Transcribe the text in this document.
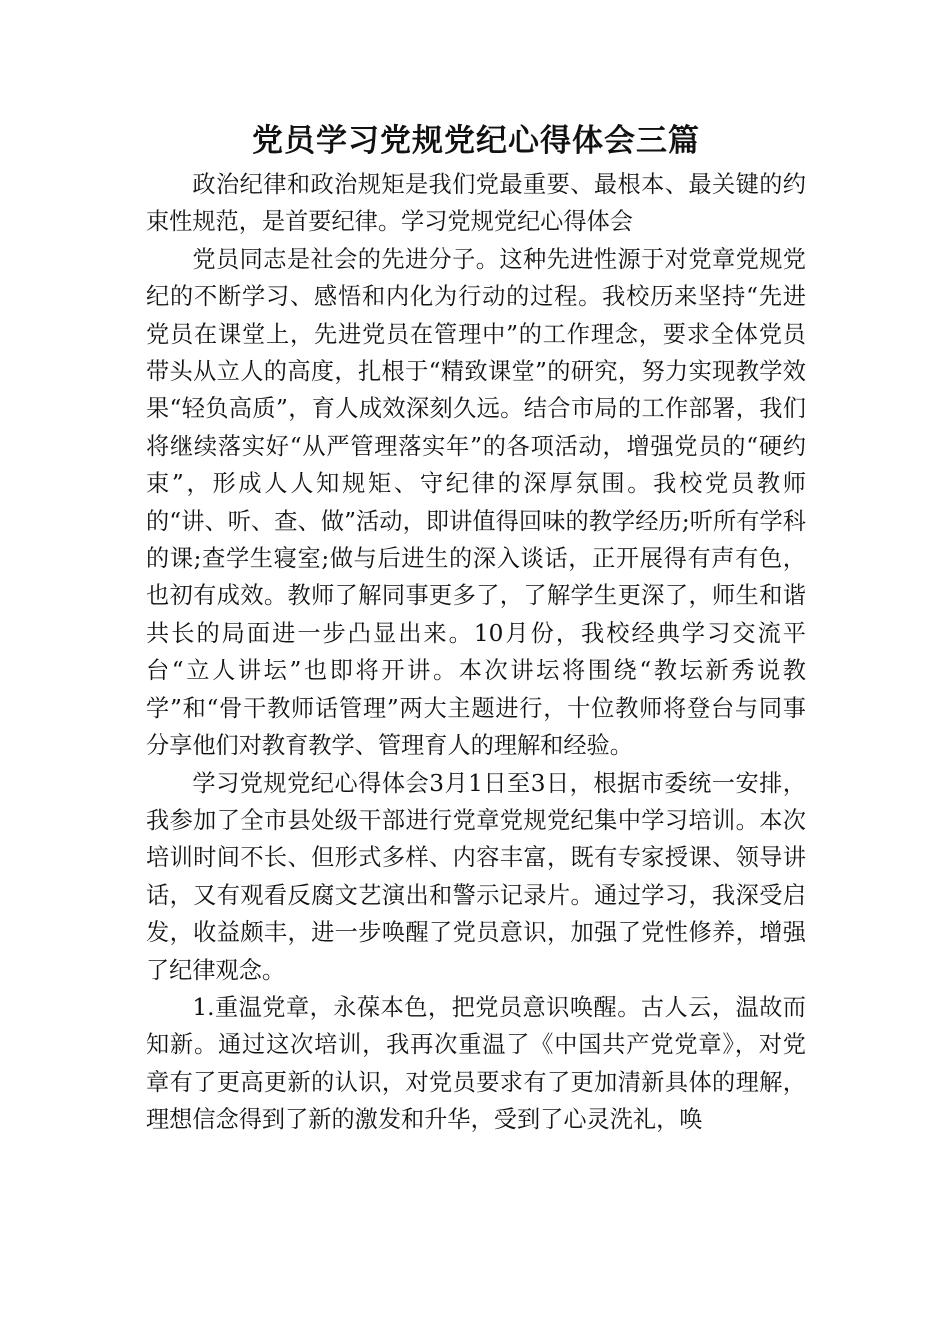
党员学习党规党纪心得体会三篇

政治纪律和政治规矩是我们党最重要、最根本、最关键的约束性规范，是首要纪律。学习党规党纪心得体会

党员同志是社会的先进分子。这种先进性源于对党章党规党纪的不断学习、感悟和内化为行动的过程。我校历来坚持“先进党员在课堂上，先进党员在管理中”的工作理念，要求全体党员带头从立人的高度，扎根于“精致课堂”的研究，努力实现教学效果“轻负高质”，育人成效深刻久远。结合市局的工作部署，我们将继续落实好“从严管理落实年”的各项活动，增强党员的“硬约束”，形成人人知规矩、守纪律的深厚氛围。我校党员教师的“讲、听、查、做”活动，即讲值得回味的教学经历;听所有学科的课;查学生寝室;做与后进生的深入谈话，正开展得有声有色，也初有成效。教师了解同事更多了，了解学生更深了，师生和谐共长的局面进一步凸显出来。10月份，我校经典学习交流平台“立人讲坛”也即将开讲。本次讲坛将围绕“教坛新秀说教学”和“骨干教师话管理”两大主题进行，十位教师将登台与同事分享他们对教育教学、管理育人的理解和经验。

学习党规党纪心得体会3月1日至3日，根据市委统一安排，我参加了全市县处级干部进行党章党规党纪集中学习培训。本次培训时间不长、但形式多样、内容丰富，既有专家授课、领导讲话，又有观看反腐文艺演出和警示记录片。通过学习，我深受启发，收益颇丰，进一步唤醒了党员意识，加强了党性修养，增强了纪律观念。

1.重温党章，永葆本色，把党员意识唤醒。古人云，温故而知新。通过这次培训，我再次重温了《中国共产党党章》，对党章有了更高更新的认识，对党员要求有了更加清新具体的理解，理想信念得到了新的激发和升华，受到了心灵洗礼，唤
